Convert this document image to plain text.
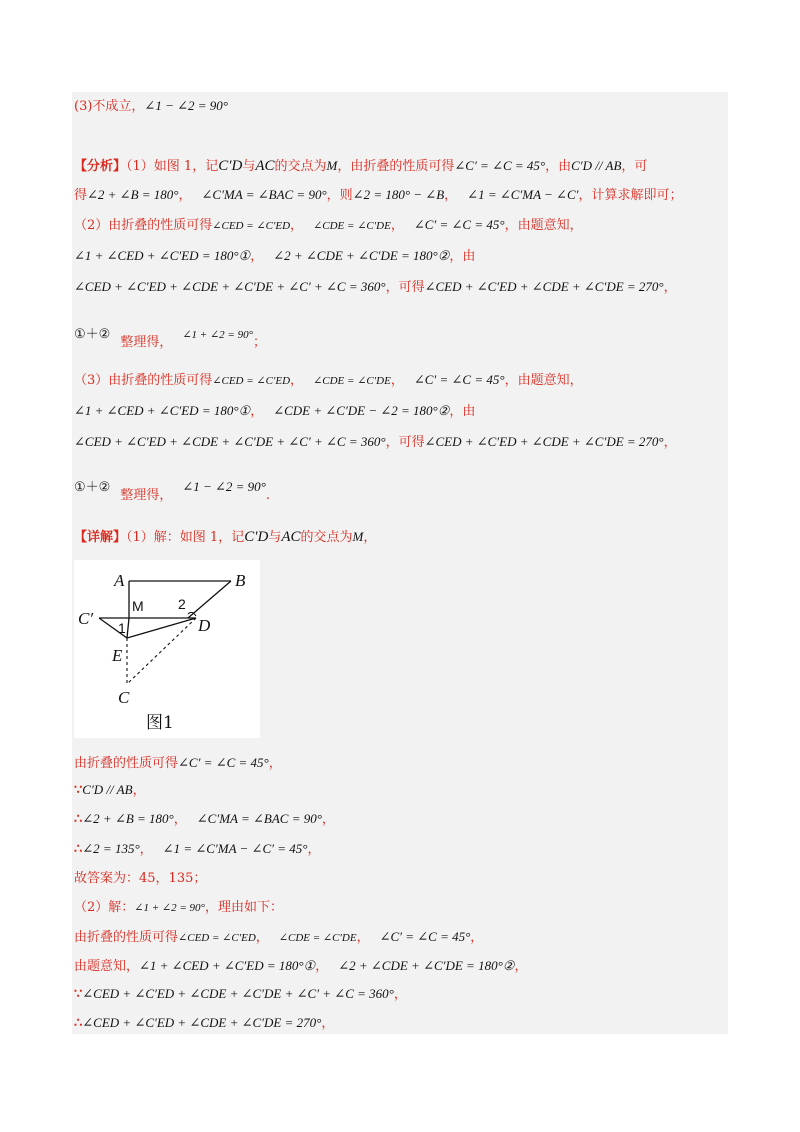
(3)不成立，∠1 − ∠2 = 90°
【分析】（1）如图 1，记C′D与AC的交点为M，由折叠的性质可得∠C′ = ∠C = 45°，由C′D // AB，可
得∠2 + ∠B = 180°， ∠C′MA = ∠BAC = 90°，则∠2 = 180° − ∠B， ∠1 = ∠C′MA − ∠C′，计算求解即可；
（2）由折叠的性质可得∠CED = ∠C′ED， ∠CDE = ∠C′DE， ∠C′ = ∠C = 45°，由题意知，
∠1 + ∠CED + ∠C′ED = 180°①， ∠2 + ∠CDE + ∠C′DE = 180°②，由
∠CED + ∠C′ED + ∠CDE + ∠C′DE + ∠C′ + ∠C = 360°，可得∠CED + ∠C′ED + ∠CDE + ∠C′DE = 270°，
①＋②整理得， ∠1 + ∠2 = 90°；
（3）由折叠的性质可得∠CED = ∠C′ED， ∠CDE = ∠C′DE， ∠C′ = ∠C = 45°，由题意知，
∠1 + ∠CED + ∠C′ED = 180°①， ∠CDE + ∠C′DE − ∠2 = 180°②，由
∠CED + ∠C′ED + ∠CDE + ∠C′DE + ∠C′ + ∠C = 360°，可得∠CED + ∠C′ED + ∠CDE + ∠C′DE = 270°，
①＋②整理得，∠1 − ∠2 = 90°.
【详解】（1）解：如图 1，记C′D与AC的交点为M，
A	B
C′
M 2
1	D
E
C
图1
由折叠的性质可得∠C′ = ∠C = 45°，
∵C′D // AB，
∴∠2 + ∠B = 180°， ∠C′MA = ∠BAC = 90°，
∴∠2 = 135°， ∠1 = ∠C′MA − ∠C′ = 45°，
故答案为：45，135；
（2）解：∠1 + ∠2 = 90°，理由如下：
由折叠的性质可得∠CED = ∠C′ED， ∠CDE = ∠C′DE， ∠C′ = ∠C = 45°，
由题意知，∠1 + ∠CED + ∠C′ED = 180°①， ∠2 + ∠CDE + ∠C′DE = 180°②，
∵∠CED + ∠C′ED + ∠CDE + ∠C′DE + ∠C′ + ∠C = 360°，
∴∠CED + ∠C′ED + ∠CDE + ∠C′DE = 270°，
